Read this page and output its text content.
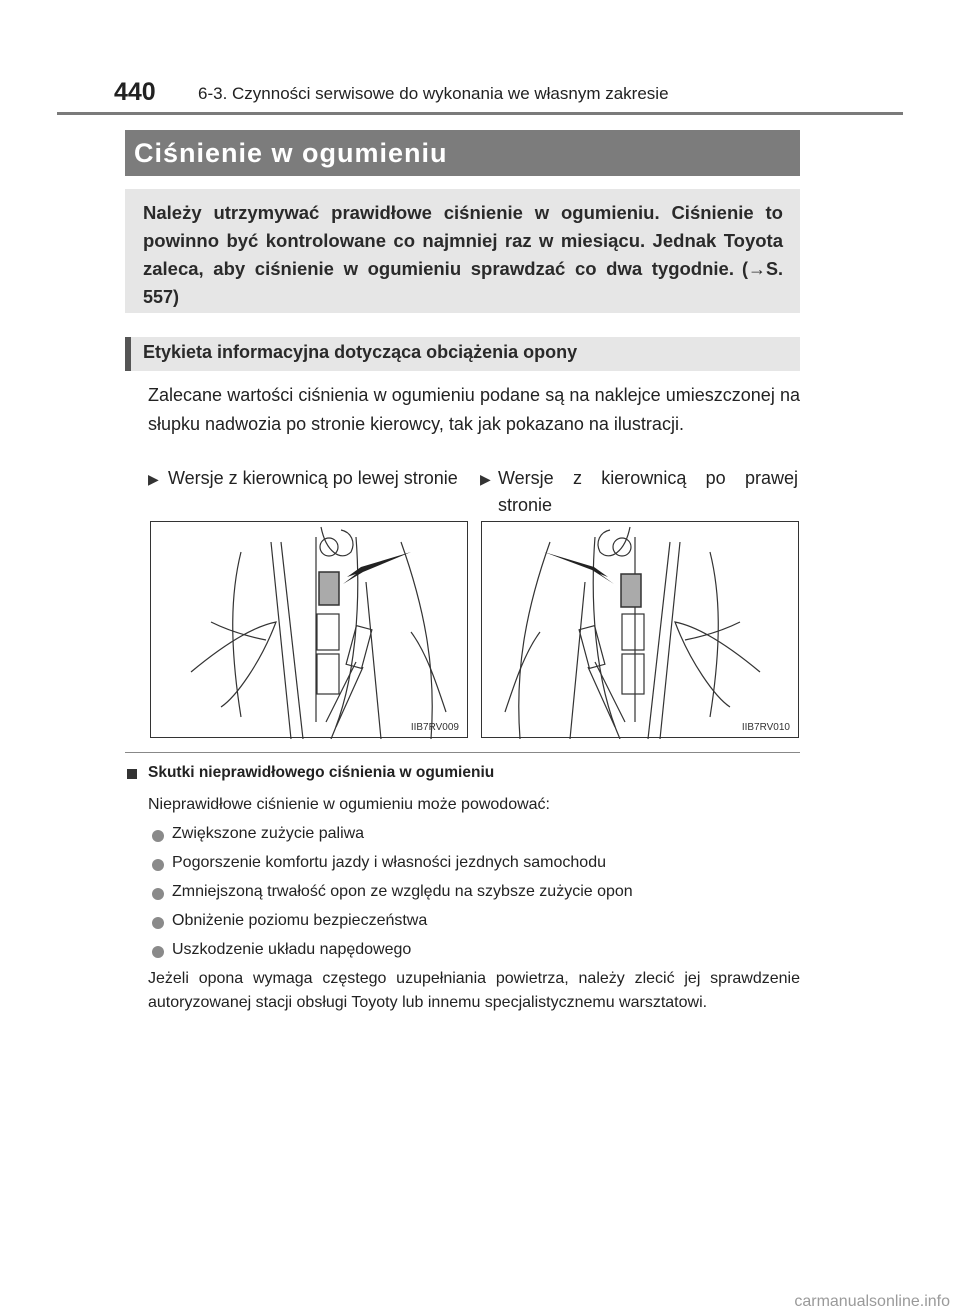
440 6-3. Czynności serwisowe do wykonania we własnym zakresie
Ciśnienie w ogumieniu

Należy utrzymywać prawidłowe ciśnienie w ogumieniu. Ciśnienie to powinno być kontrolowane co najmniej raz w miesiącu. Jednak Toyota zaleca, aby ciśnienie w ogumieniu sprawdzać co dwa tygodnie. (→S. 557)

Etykieta informacyjna dotycząca obciążenia opony

Zalecane wartości ciśnienia w ogumieniu podane są na naklejce umieszczonej na słupku nadwozia po stronie kierowcy, tak jak pokazano na ilustracji.

▶ Wersje z kierownicą po lewej stronie	▶ Wersje z kierownicą po prawej stronie

IIB7RV009	IIB7RV010
Skutki nieprawidłowego ciśnienia w ogumieniu
Nieprawidłowe ciśnienie w ogumieniu może powodować:
Zwiększone zużycie paliwa
Pogorszenie komfortu jazdy i własności jezdnych samochodu
Zmniejszoną trwałość opon ze względu na szybsze zużycie opon
Obniżenie poziomu bezpieczeństwa
Uszkodzenie układu napędowego

Jeżeli opona wymaga częstego uzupełniania powietrza, należy zlecić jej sprawdzenie autoryzowanej stacji obsługi Toyoty lub innemu specjalistycznemu warsztatowi.

carmanualsonline.info
